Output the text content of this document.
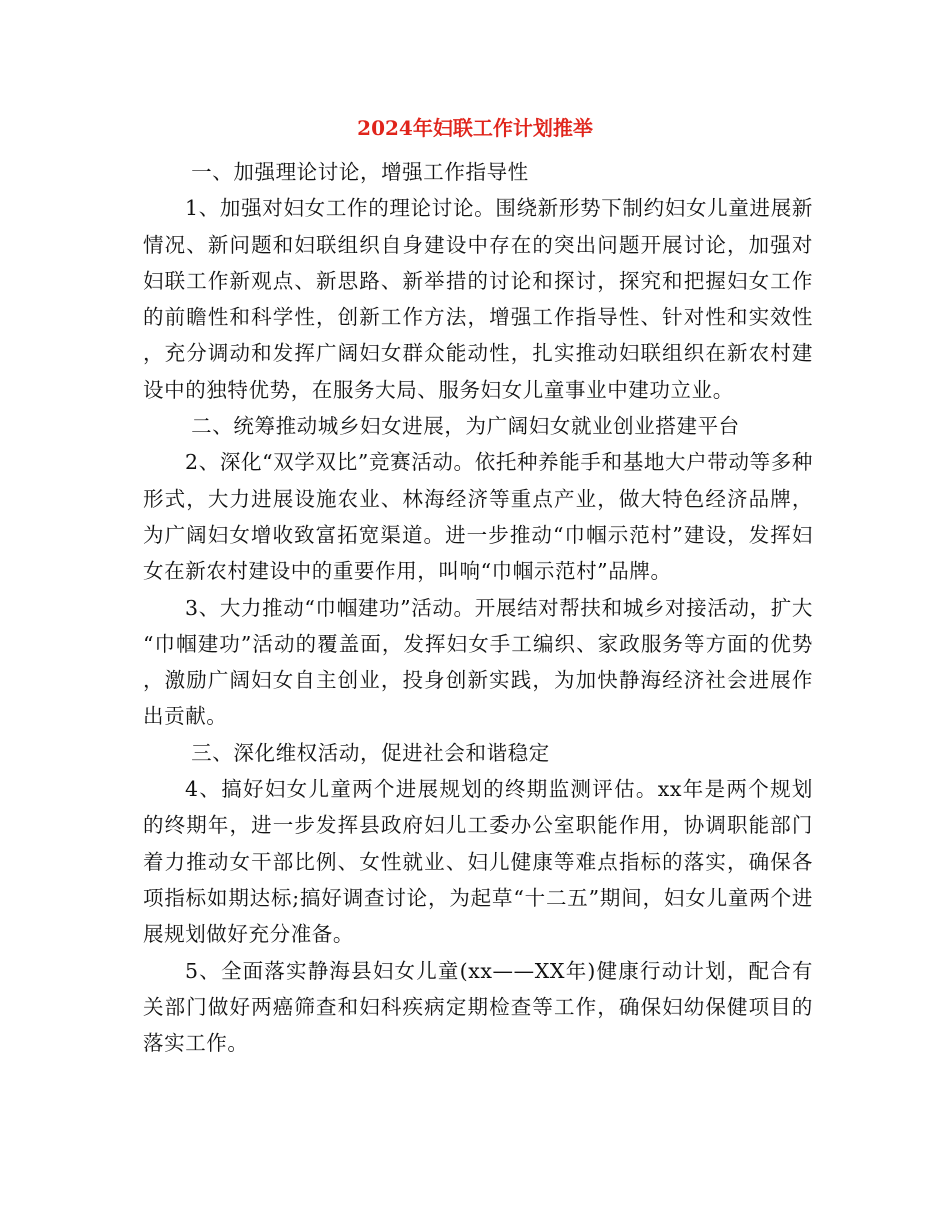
2024年妇联工作计划推举

一、加强理论讨论，增强工作指导性

1、加强对妇女工作的理论讨论。围绕新形势下制约妇女儿童进展新情况、新问题和妇联组织自身建设中存在的突出问题开展讨论，加强对妇联工作新观点、新思路、新举措的讨论和探讨，探究和把握妇女工作的前瞻性和科学性，创新工作方法，增强工作指导性、针对性和实效性，充分调动和发挥广阔妇女群众能动性，扎实推动妇联组织在新农村建设中的独特优势，在服务大局、服务妇女儿童事业中建功立业。

二、统筹推动城乡妇女进展，为广阔妇女就业创业搭建平台

2、深化“双学双比”竞赛活动。依托种养能手和基地大户带动等多种形式，大力进展设施农业、林海经济等重点产业，做大特色经济品牌，为广阔妇女增收致富拓宽渠道。进一步推动“巾帼示范村”建设，发挥妇女在新农村建设中的重要作用，叫响“巾帼示范村”品牌。

3、大力推动“巾帼建功”活动。开展结对帮扶和城乡对接活动，扩大“巾帼建功”活动的覆盖面，发挥妇女手工编织、家政服务等方面的优势，激励广阔妇女自主创业，投身创新实践，为加快静海经济社会进展作出贡献。

三、深化维权活动，促进社会和谐稳定

4、搞好妇女儿童两个进展规划的终期监测评估。xx年是两个规划的终期年，进一步发挥县政府妇儿工委办公室职能作用，协调职能部门着力推动女干部比例、女性就业、妇儿健康等难点指标的落实，确保各项指标如期达标;搞好调查讨论，为起草“十二五”期间，妇女儿童两个进展规划做好充分准备。

5、全面落实静海县妇女儿童(xx——XX年)健康行动计划，配合有关部门做好两癌筛查和妇科疾病定期检查等工作，确保妇幼保健项目的落实工作。
